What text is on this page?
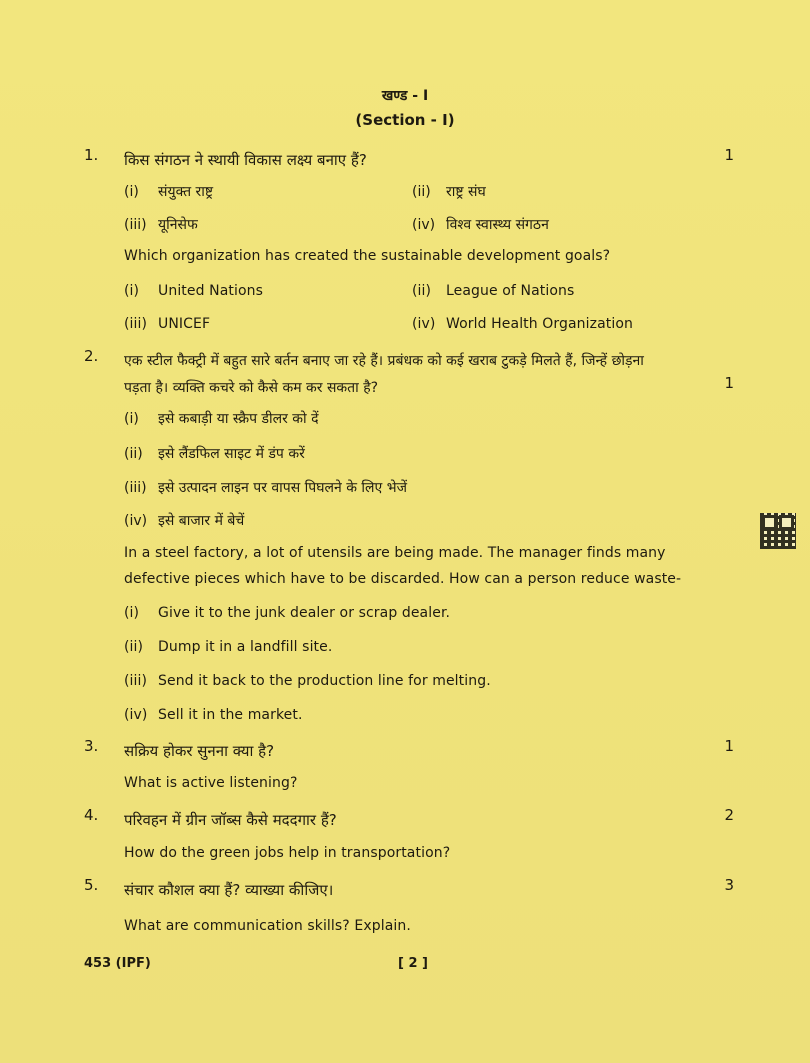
खण्ड - I
(Section - I)
1.	किस संगठन ने स्थायी विकास लक्ष्य बनाए हैं?	1
(i) संयुक्त राष्ट्र	(ii) राष्ट्र संघ
(iii) यूनिसेफ	(iv) विश्व स्वास्थ्य संगठन
Which organization has created the sustainable development goals?
(i) United Nations	(ii) League of Nations
(iii) UNICEF	(iv) World Health Organization
2.	एक स्टील फैक्ट्री में बहुत सारे बर्तन बनाए जा रहे हैं। प्रबंधक को कई खराब टुकड़े मिलते हैं, जिन्हें छोड़ना
पड़ता है। व्यक्ति कचरे को कैसे कम कर सकता है?	1
(i) इसे कबाड़ी या स्क्रैप डीलर को दें
(ii) इसे लैंडफिल साइट में डंप करें
(iii) इसे उत्पादन लाइन पर वापस पिघलने के लिए भेजें
(iv) इसे बाजार में बेचें
In a steel factory, a lot of utensils are being made. The manager finds many
defective pieces which have to be discarded. How can a person reduce waste-
(i) Give it to the junk dealer or scrap dealer.
(ii) Dump it in a landfill site.
(iii) Send it back to the production line for melting.
(iv) Sell it in the market.
3.	सक्रिय होकर सुनना क्या है?	1
What is active listening?
4.	परिवहन में ग्रीन जॉब्स कैसे मददगार हैं?	2
How do the green jobs help in transportation?
5.	संचार कौशल क्या हैं? व्याख्या कीजिए।	3
What are communication skills? Explain.
453 (IPF)	[ 2 ]
